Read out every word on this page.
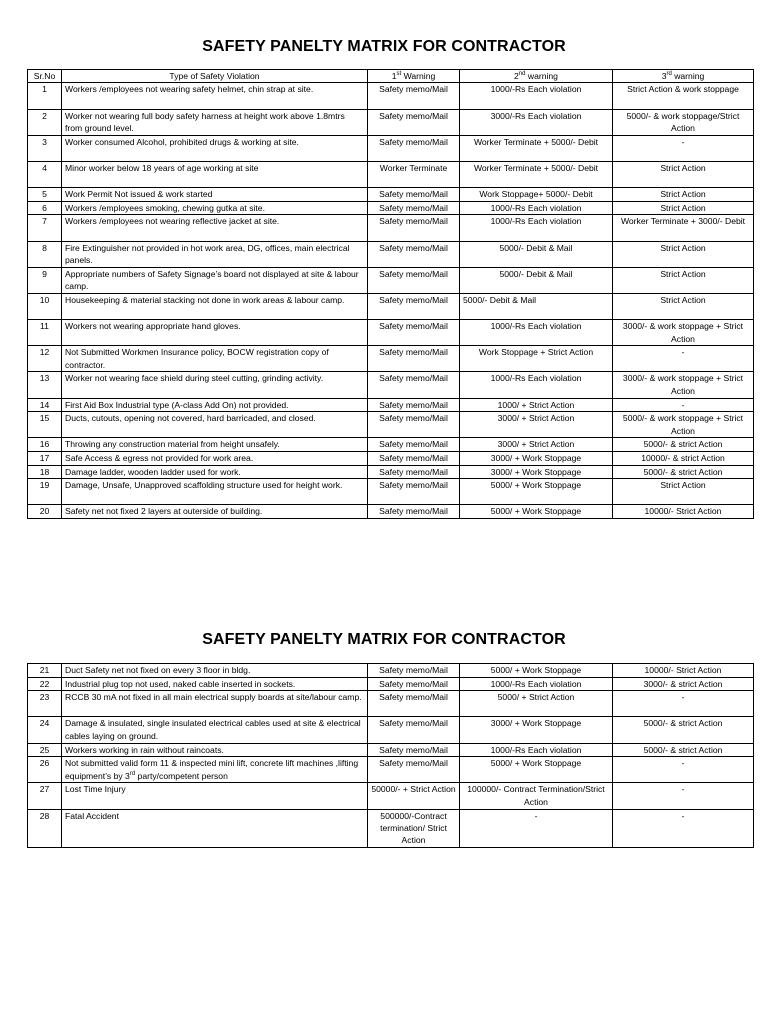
SAFETY PANELTY MATRIX FOR CONTRACTOR
Sr.No	Type of Safety Violation	1st Warning	2nd warning	3rd warning
1	Workers /employees not wearing safety helmet, chin strap at site.	Safety memo/Mail	1000/-Rs Each violation	Strict Action & work stoppage
2	Worker not wearing full body safety harness at height work above 1.8mtrs from ground level.	Safety memo/Mail	3000/-Rs Each violation	5000/- & work stoppage/Strict Action
3	Worker consumed Alcohol, prohibited drugs & working at site.	Safety memo/Mail	Worker Terminate + 5000/- Debit	-
4	Minor worker below 18 years of age working at site	Worker Terminate	Worker Terminate + 5000/- Debit	Strict Action
5	Work Permit Not issued & work started	Safety memo/Mail	Work Stoppage+ 5000/- Debit	Strict Action
6	Workers /employees smoking, chewing gutka at site.	Safety memo/Mail	1000/-Rs Each violation	Strict Action
7	Workers /employees not wearing reflective jacket at site.	Safety memo/Mail	1000/-Rs Each violation	Worker Terminate + 3000/- Debit
8	Fire Extinguisher not provided in hot work area, DG, offices, main electrical panels.	Safety memo/Mail	5000/- Debit & Mail	Strict Action
9	Appropriate numbers of Safety Signage’s board not displayed at site & labour camp.	Safety memo/Mail	5000/- Debit & Mail	Strict Action
10	Housekeeping & material stacking not done in work areas & labour camp.	Safety memo/Mail	5000/- Debit & Mail	Strict Action
11	Workers not wearing appropriate hand gloves.	Safety memo/Mail	1000/-Rs Each violation	3000/- & work stoppage + Strict Action
12	Not Submitted Workmen Insurance policy, BOCW registration copy of contractor.	Safety memo/Mail	Work Stoppage + Strict Action	-
13	Worker not wearing face shield during steel cutting, grinding activity.	Safety memo/Mail	1000/-Rs Each violation	3000/- & work stoppage + Strict Action
14	First Aid Box Industrial type (A-class Add On) not provided.	Safety memo/Mail	1000/ + Strict Action	-
15	Ducts, cutouts, opening not covered, hard barricaded, and closed.	Safety memo/Mail	3000/ + Strict Action	5000/- & work stoppage + Strict Action
16	Throwing any construction material from height unsafely.	Safety memo/Mail	3000/ + Strict Action	5000/- & strict Action
17	Safe Access & egress not provided for work area.	Safety memo/Mail	3000/ + Work Stoppage	10000/- & strict Action
18	Damage ladder, wooden ladder used for work.	Safety memo/Mail	3000/ + Work Stoppage	5000/- & strict Action
19	Damage, Unsafe, Unapproved scaffolding structure used for height work.	Safety memo/Mail	5000/ + Work Stoppage	Strict Action
20	Safety net not fixed 2 layers at outerside of building.	Safety memo/Mail	5000/ + Work Stoppage	10000/- Strict Action
SAFETY PANELTY MATRIX FOR CONTRACTOR
21	Duct Safety net not fixed on every 3 floor in bldg.	Safety memo/Mail	5000/ + Work Stoppage	10000/- Strict Action
22	Industrial plug top not used, naked cable inserted in sockets.	Safety memo/Mail	1000/-Rs Each violation	3000/- & strict Action
23	RCCB 30 mA not fixed in all main electrical supply boards at site/labour camp.	Safety memo/Mail	5000/ + Strict Action	-
24	Damage & insulated, single insulated electrical cables used at site & electrical cables laying on ground.	Safety memo/Mail	3000/ + Work Stoppage	5000/- & strict Action
25	Workers working in rain without raincoats.	Safety memo/Mail	1000/-Rs Each violation	5000/- & strict Action
26	Not submitted valid form 11 & inspected mini lift, concrete lift machines ,lifting equipment’s by 3rd party/competent person	Safety memo/Mail	5000/ + Work Stoppage	-
27	Lost Time Injury	50000/- + Strict Action	100000/- Contract Termination/Strict Action	-
28	Fatal Accident	500000/-Contract termination/ Strict Action	-	-
